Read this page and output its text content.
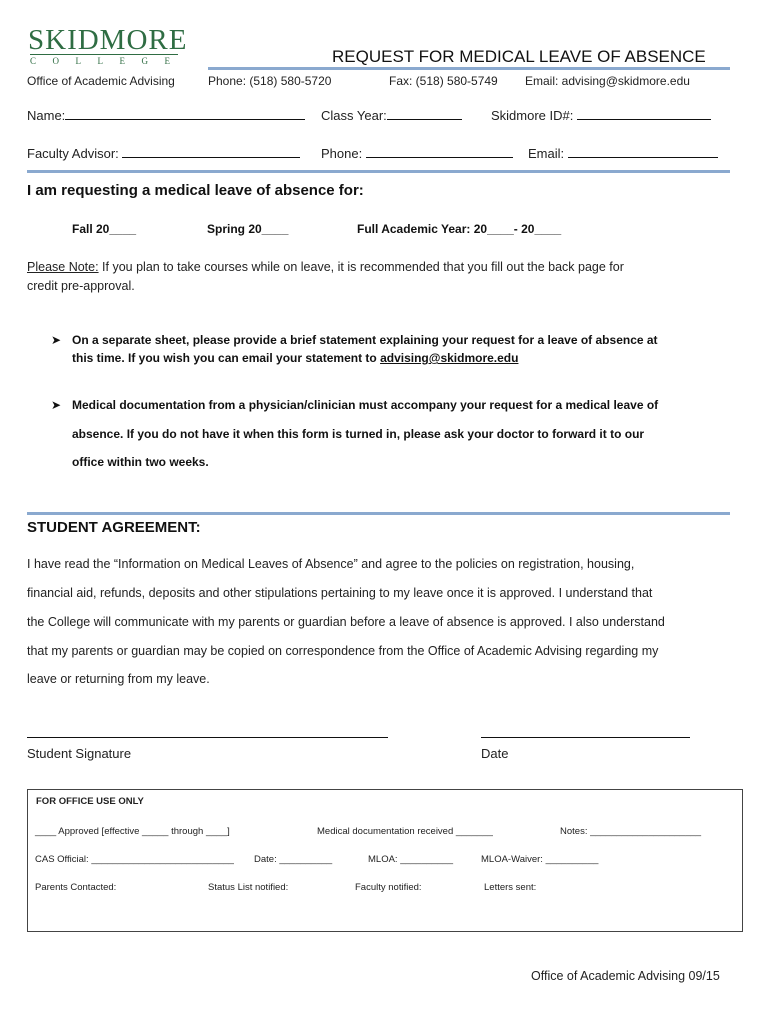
SKIDMORE
COLLEGE	REQUEST FOR MEDICAL LEAVE OF ABSENCE
Office of Academic Advising	Phone: (518) 580-5720	Fax: (518) 580-5749 Email: advising@skidmore.edu
Name:	Class Year:	Skidmore ID#:
Faculty Advisor:	Phone:	Email:
I am requesting a medical leave of absence for:
Fall 20____	Spring 20____	Full Academic Year: 20____- 20____
Please Note: If you plan to take courses while on leave, it is recommended that you fill out the back page for
credit pre-approval.
➤ On a separate sheet, please provide a brief statement explaining your request for a leave of absence at
this time. If you wish you can email your statement to advising@skidmore.edu
➤ Medical documentation from a physician/clinician must accompany your request for a medical leave of
absence. If you do not have it when this form is turned in, please ask your doctor to forward it to our
office within two weeks.
STUDENT AGREEMENT:
I have read the “Information on Medical Leaves of Absence” and agree to the policies on registration, housing,
financial aid, refunds, deposits and other stipulations pertaining to my leave once it is approved. I understand that
the College will communicate with my parents or guardian before a leave of absence is approved. I also understand
that my parents or guardian may be copied on correspondence from the Office of Academic Advising regarding my
leave or returning from my leave.
Student Signature	Date
FOR OFFICE USE ONLY
____ Approved [effective _____ through ____]	Medical documentation received _______	Notes: _____________________
CAS Official: ___________________________ Date: __________	MLOA: __________	MLOA-Waiver: __________
Parents Contacted:	Status List notified:	Faculty notified:	Letters sent:
Office of Academic Advising 09/15
